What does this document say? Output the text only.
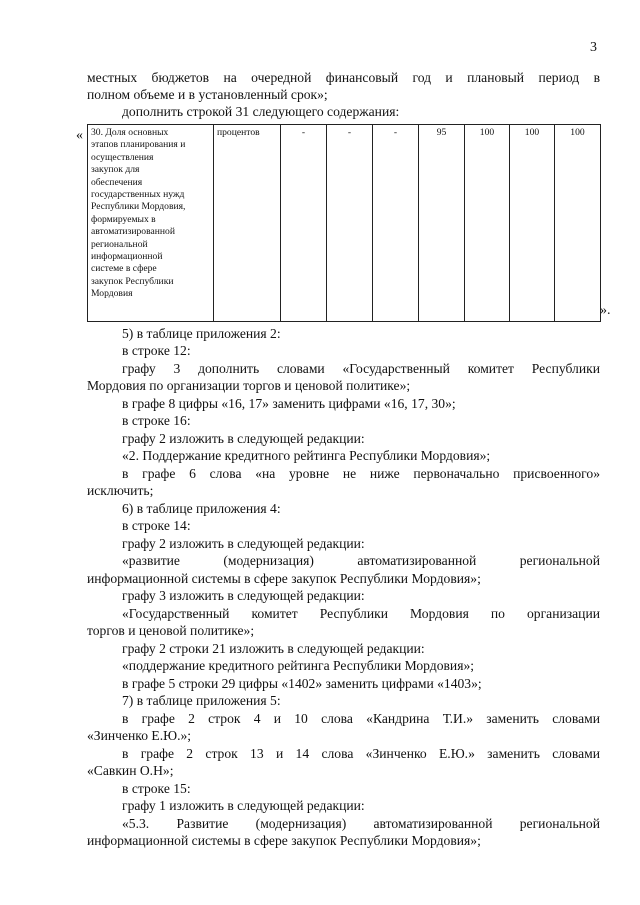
3
местных бюджетов на очередной финансовый год и плановый период в
полном объеме и в установленный срок»;
дополнить строкой 31 следующего содержания:
«
».
30. Доля основных
этапов планирования и
осуществления
закупок для
обеспечения
государственных нужд
Республики Мордовия,
формируемых в
автоматизированной
региональной
информационной
системе в сфере
закупок Республики
Мордовия
	процентов	-	-	-	95	100	100	100
5) в таблице приложения 2:
в строке 12:
графу 3 дополнить словами «Государственный комитет Республики
Мордовия по организации торгов и ценовой политике»;
в графе 8 цифры «16, 17» заменить цифрами «16, 17, 30»;
в строке 16:
графу 2 изложить в следующей редакции:
«2. Поддержание кредитного рейтинга Республики Мордовия»;
в графе 6 слова «на уровне не ниже первоначально присвоенного»
исключить;
6) в таблице приложения 4:
в строке 14:
графу 2 изложить в следующей редакции:
«развитие (модернизация) автоматизированной региональной
информационной системы в сфере закупок Республики Мордовия»;
графу 3 изложить в следующей редакции:
«Государственный комитет Республики Мордовия по организации
торгов и ценовой политике»;
графу 2 строки 21 изложить в следующей редакции:
«поддержание кредитного рейтинга Республики Мордовия»;
в графе 5 строки 29 цифры «1402» заменить цифрами «1403»;
7) в таблице приложения 5:
в графе 2 строк 4 и 10 слова «Кандрина Т.И.» заменить словами
«Зинченко Е.Ю.»;
в графе 2 строк 13 и 14 слова «Зинченко Е.Ю.» заменить словами
«Савкин О.Н»;
в строке 15:
графу 1 изложить в следующей редакции:
«5.3. Развитие (модернизация) автоматизированной региональной
информационной системы в сфере закупок Республики Мордовия»;
